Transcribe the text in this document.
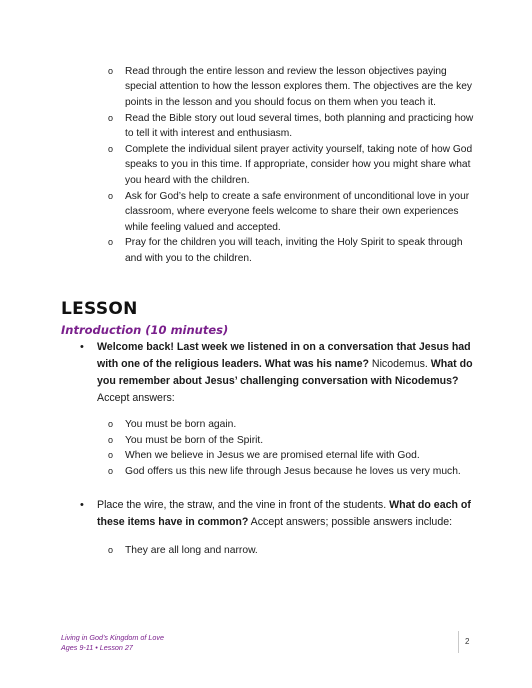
o Read through the entire lesson and review the lesson objectives paying special attention to how the lesson explores them. The objectives are the key points in the lesson and you should focus on them when you teach it.
o Read the Bible story out loud several times, both planning and practicing how to tell it with interest and enthusiasm.
o Complete the individual silent prayer activity yourself, taking note of how God speaks to you in this time. If appropriate, consider how you might share what you heard with the children.
o Ask for God’s help to create a safe environment of unconditional love in your classroom, where everyone feels welcome to share their own experiences while feeling valued and accepted.
o Pray for the children you will teach, inviting the Holy Spirit to speak through and with you to the children.
LESSON
Introduction (10 minutes)
•	Welcome back! Last week we listened in on a conversation that Jesus had with one of the religious leaders. What was his name? Nicodemus. What do you remember about Jesus’ challenging conversation with Nicodemus? Accept answers:
o You must be born again.
o You must be born of the Spirit.
o When we believe in Jesus we are promised eternal life with God.
o God offers us this new life through Jesus because he loves us very much.
•	Place the wire, the straw, and the vine in front of the students. What do each of these items have in common? Accept answers; possible answers include:
o They are all long and narrow.
Living in God’s Kingdom of Love
Ages 9-11 • Lesson 27
2
